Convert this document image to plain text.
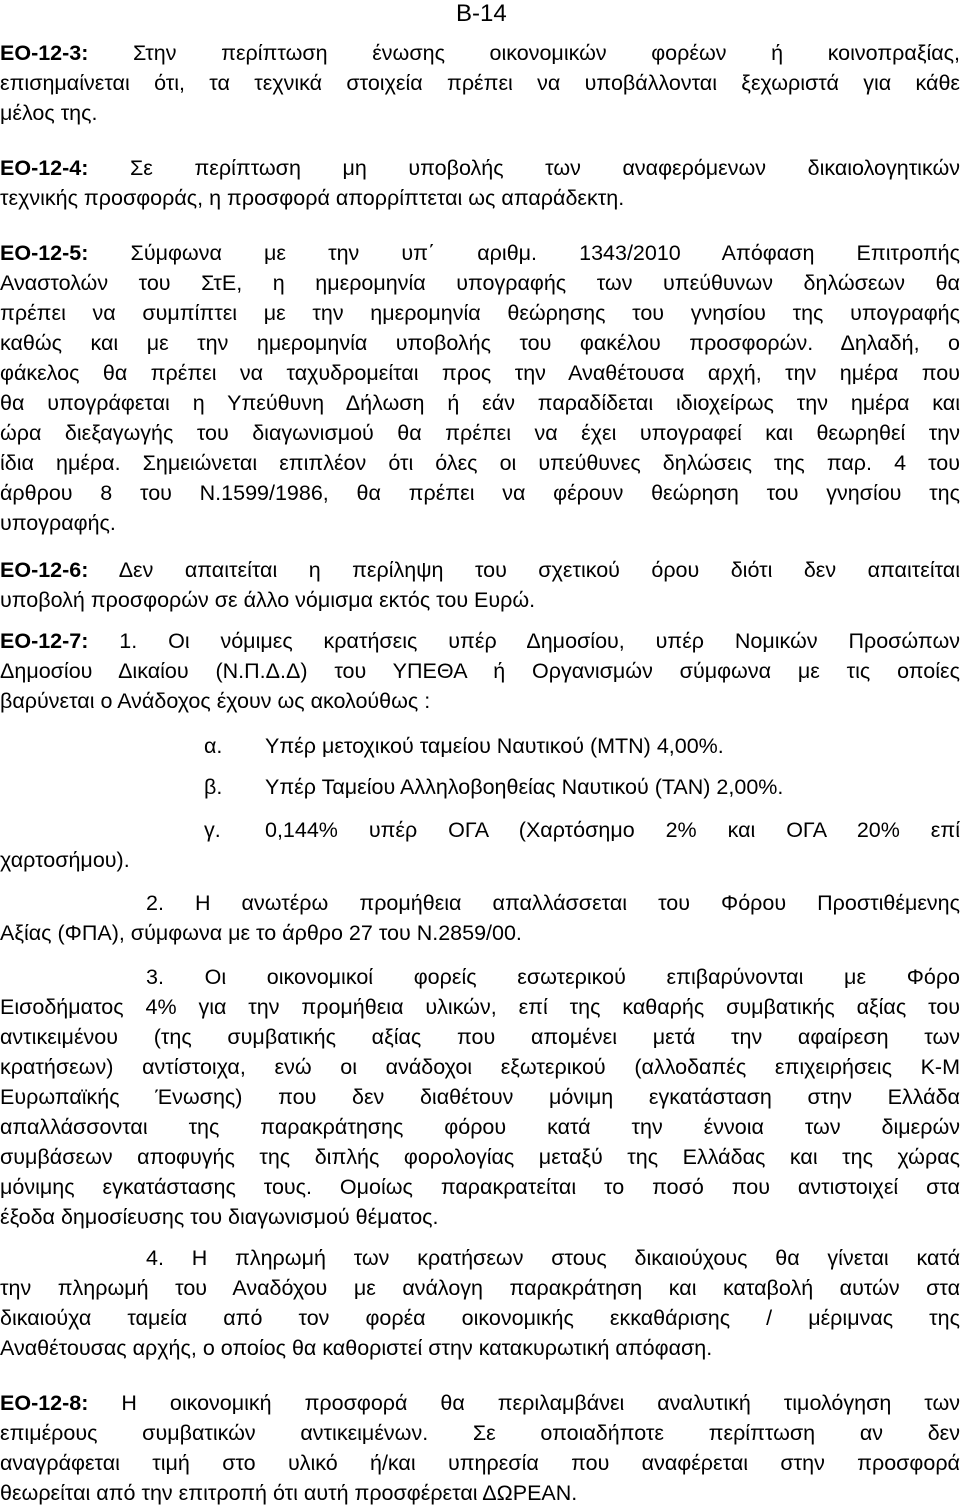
Β-14
ΕΟ-12-3: Στην περίπτωση ένωσης οικονομικών φορέων ή κοινοπραξίας,
επισημαίνεται ότι, τα τεχνικά στοιχεία πρέπει να υποβάλλονται ξεχωριστά για κάθε
μέλος της.
ΕΟ-12-4: Σε περίπτωση μη υποβολής των αναφερόμενων δικαιολογητικών
τεχνικής προσφοράς, η προσφορά απορρίπτεται ως απαράδεκτη.
ΕΟ-12-5: Σύμφωνα με την υπ΄ αριθμ. 1343/2010 Απόφαση Επιτροπής
Αναστολών του ΣτΕ, η ημερομηνία υπογραφής των υπεύθυνων δηλώσεων θα
πρέπει να συμπίπτει με την ημερομηνία θεώρησης του γνησίου της υπογραφής
καθώς και με την ημερομηνία υποβολής του φακέλου προσφορών. Δηλαδή, ο
φάκελος θα πρέπει να ταχυδρομείται προς την Αναθέτουσα αρχή, την ημέρα που
θα υπογράφεται η Υπεύθυνη Δήλωση ή εάν παραδίδεται ιδιοχείρως την ημέρα και
ώρα διεξαγωγής του διαγωνισμού θα πρέπει να έχει υπογραφεί και θεωρηθεί την
ίδια ημέρα. Σημειώνεται επιπλέον ότι όλες οι υπεύθυνες δηλώσεις της παρ. 4 του
άρθρου 8 του Ν.1599/1986, θα πρέπει να φέρουν θεώρηση του γνησίου της
υπογραφής.
ΕΟ-12-6: Δεν απαιτείται η περίληψη του σχετικού όρου διότι δεν απαιτείται
υποβολή προσφορών σε άλλο νόμισμα εκτός του Ευρώ.
ΕΟ-12-7: 1. Οι νόμιμες κρατήσεις υπέρ Δημοσίου, υπέρ Νομικών Προσώπων
Δημοσίου Δικαίου (Ν.Π.Δ.Δ) του ΥΠΕΘΑ ή Οργανισμών σύμφωνα με τις οποίες
βαρύνεται ο Ανάδοχος έχουν ως ακολούθως :
α. Υπέρ μετοχικού ταμείου Ναυτικού (ΜΤΝ) 4,00%.
β. Υπέρ Ταμείου Αλληλοβοηθείας Ναυτικού (ΤΑΝ) 2,00%.
γ. 0,144% υπέρ ΟΓΑ (Χαρτόσημο 2% και ΟΓΑ 20% επί
χαρτοσήμου).
2. Η ανωτέρω προμήθεια απαλλάσσεται του Φόρου Προστιθέμενης
Αξίας (ΦΠΑ), σύμφωνα με το άρθρο 27 του Ν.2859/00.
3. Οι οικονομικοί φορείς εσωτερικού επιβαρύνονται με Φόρο
Εισοδήματος 4% για την προμήθεια υλικών, επί της καθαρής συμβατικής αξίας του
αντικειμένου (της συμβατικής αξίας που απομένει μετά την αφαίρεση των
κρατήσεων) αντίστοιχα, ενώ οι ανάδοχοι εξωτερικού (αλλοδαπές επιχειρήσεις Κ-Μ
Ευρωπαϊκής Ένωσης) που δεν διαθέτουν μόνιμη εγκατάσταση στην Ελλάδα
απαλλάσσονται της παρακράτησης φόρου κατά την έννοια των διμερών
συμβάσεων αποφυγής της διπλής φορολογίας μεταξύ της Ελλάδας και της χώρας
μόνιμης εγκατάστασης τους. Ομοίως παρακρατείται το ποσό που αντιστοιχεί στα
έξοδα δημοσίευσης του διαγωνισμού θέματος.
4. Η πληρωμή των κρατήσεων στους δικαιούχους θα γίνεται κατά
την πληρωμή του Αναδόχου με ανάλογη παρακράτηση και καταβολή αυτών στα
δικαιούχα ταμεία από τον φορέα οικονομικής εκκαθάρισης / μέριμνας της
Αναθέτουσας αρχής, ο οποίος θα καθοριστεί στην κατακυρωτική απόφαση.
ΕΟ-12-8: Η οικονομική προσφορά θα περιλαμβάνει αναλυτική τιμολόγηση των
επιμέρους συμβατικών αντικειμένων. Σε οποιαδήποτε περίπτωση αν δεν
αναγράφεται τιμή στο υλικό ή/και υπηρεσία που αναφέρεται στην προσφορά
θεωρείται από την επιτροπή ότι αυτή προσφέρεται ΔΩΡΕΑΝ.
